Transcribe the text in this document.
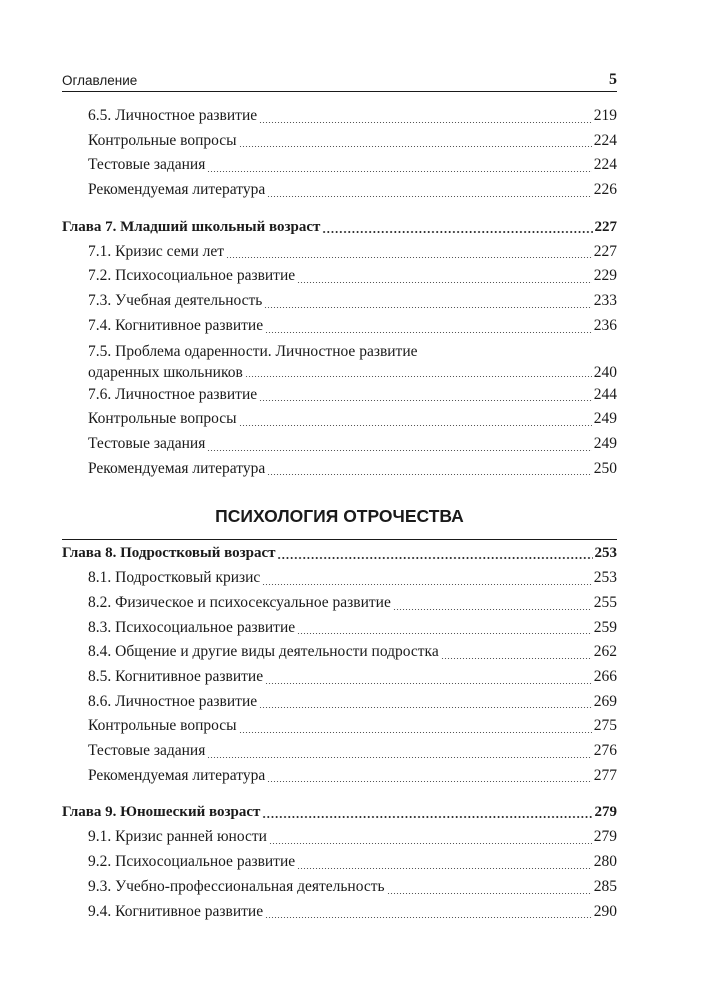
Оглавление	5
6.5. Личностное развитие	219
Контрольные вопросы	224
Тестовые задания	224
Рекомендуемая литература	226
Глава 7. Младший школьный возраст	227
7.1. Кризис семи лет	227
7.2. Психосоциальное развитие	229
7.3. Учебная деятельность	233
7.4. Когнитивное развитие	236
7.5. Проблема одаренности. Личностное развитие
одаренных школьников	240
7.6. Личностное развитие	244
Контрольные вопросы	249
Тестовые задания	249
Рекомендуемая литература	250
ПСИХОЛОГИЯ ОТРОЧЕСТВА
Глава 8. Подростковый возраст	253
8.1. Подростковый кризис	253
8.2. Физическое и психосексуальное развитие	255
8.3. Психосоциальное развитие	259
8.4. Общение и другие виды деятельности подростка	262
8.5. Когнитивное развитие	266
8.6. Личностное развитие	269
Контрольные вопросы	275
Тестовые задания	276
Рекомендуемая литература	277
Глава 9. Юношеский возраст	279
9.1. Кризис ранней юности	279
9.2. Психосоциальное развитие	280
9.3. Учебно-профессиональная деятельность	285
9.4. Когнитивное развитие	290
